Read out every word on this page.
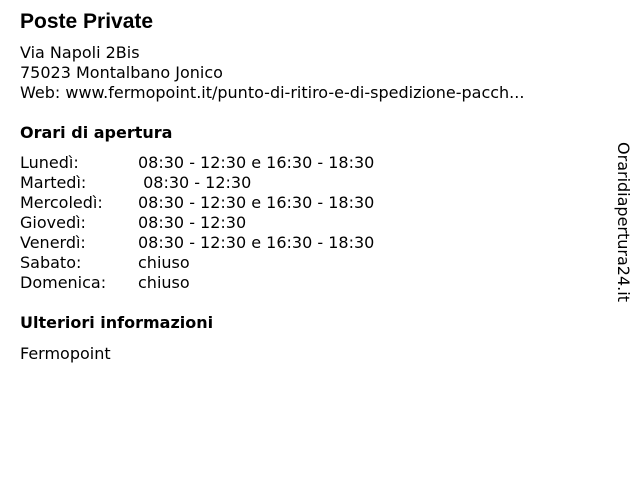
Poste Private
Via Napoli 2Bis
75023 Montalbano Jonico
Web: www.fermopoint.it/punto-di-ritiro-e-di-spedizione-pacch...
Orari di apertura
Lunedì:	08:30 - 12:30 e 16:30 - 18:30
Martedì:	08:30 - 12:30
Mercoledì:	08:30 - 12:30 e 16:30 - 18:30
Giovedì:	08:30 - 12:30
Venerdì:	08:30 - 12:30 e 16:30 - 18:30
Sabato:	chiuso
Domenica:	chiuso
Ulteriori informazioni
Fermopoint
Oraridiapertura24.it
